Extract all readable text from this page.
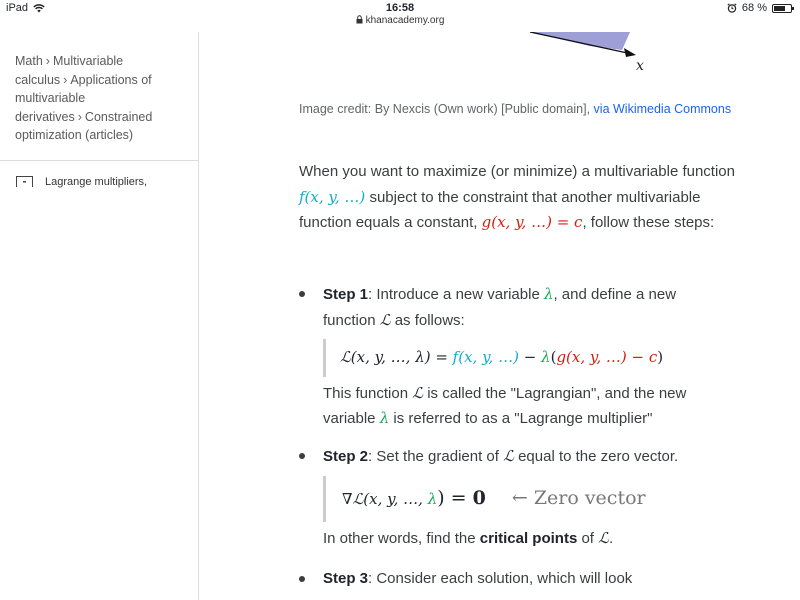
iPad	16:58
khanacademy.org
68 %
Math › Multivariable calculus › Applications of multivariable derivatives › Constrained optimization (articles)
Lagrange multipliers,
x
Image credit: By Nexcis (Own work) [Public domain], via Wikimedia Commons
When you want to maximize (or minimize) a multivariable function f(x, y, …) subject to the constraint that another multivariable function equals a constant, g(x, y, …) = c, follow these steps:
Step 1: Introduce a new variable λ, and define a new function ℒ as follows:
ℒ(x, y, …, λ) = f(x, y, …) − λ(g(x, y, …) − c)
This function ℒ is called the "Lagrangian", and the new variable λ is referred to as a "Lagrange multiplier"
Step 2: Set the gradient of ℒ equal to the zero vector.
∇ℒ(x, y, …, λ) = 0 ← Zero vector
In other words, find the critical points of ℒ.
Step 3: Consider each solution, which will look
